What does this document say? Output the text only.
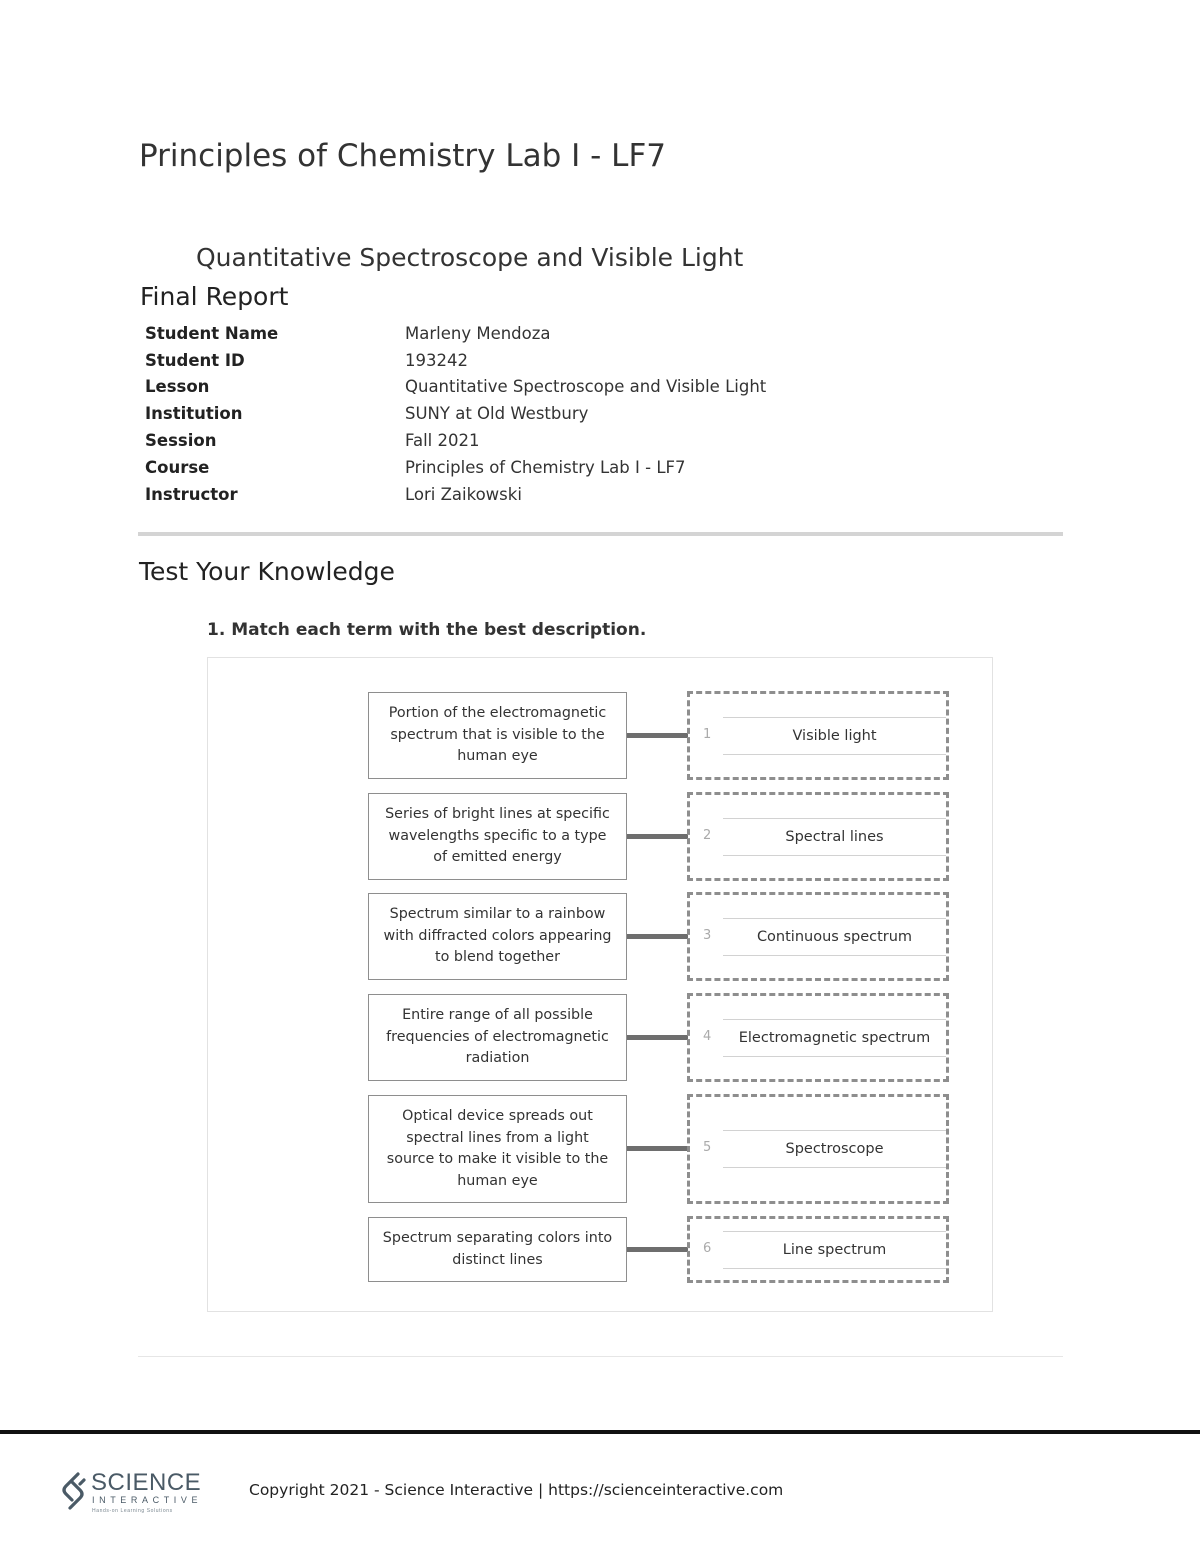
Principles of Chemistry Lab I - LF7
Quantitative Spectroscope and Visible Light
Final Report
Student Name	Marleny Mendoza
Student ID	193242
Lesson	Quantitative Spectroscope and Visible Light
Institution	SUNY at Old Westbury
Session	Fall 2021
Course	Principles of Chemistry Lab I - LF7
Instructor	Lori Zaikowski
Test Your Knowledge

1. Match each term with the best description.

Portion of the electromagnetic spectrum that is visible to the human eye
1	Visible light
Series of bright lines at specific wavelengths specific to a type of emitted energy
2	Spectral lines
Spectrum similar to a rainbow with diffracted colors appearing to blend together
3	Continuous spectrum
Entire range of all possible frequencies of electromagnetic radiation
4	Electromagnetic spectrum
Optical device spreads out spectral lines from a light source to make it visible to the human eye
5	Spectroscope
Spectrum separating colors into distinct lines
6	Line spectrum
SCIENCE
INTERACTIVE
Hands-on Learning Solutions

Copyright 2021 - Science Interactive | https://scienceinteractive.com
